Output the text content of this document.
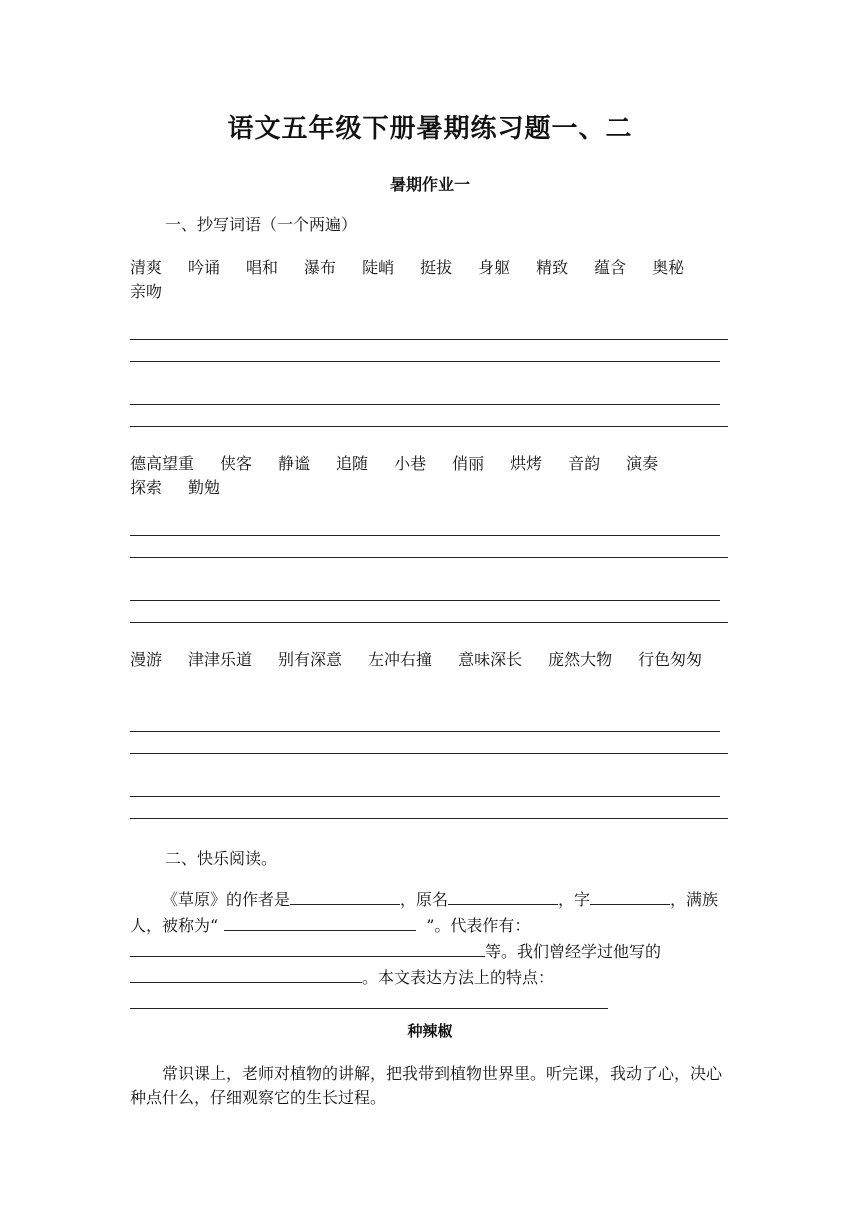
语文五年级下册暑期练习题一、二
暑期作业一
一、抄写词语（一个两遍）
清爽 吟诵 唱和 瀑布 陡峭 挺拔 身躯 精致 蕴含 奥秘亲吻
德高望重 侠客 静谧 追随 小巷 俏丽 烘烤 音韵 演奏探索 勤勉
漫游 津津乐道 别有深意 左冲右撞 意味深长 庞然大物 行色匆匆
二、快乐阅读。
《草原》的作者是	，原名	，字	，满族人，被称为“	”。代表作有：等。我们曾经学过他写的。本文表达方法上的特点：
种辣椒
常识课上，老师对植物的讲解，把我带到植物世界里。听完课，我动了心，决心种点什么，仔细观察它的生长过程。
